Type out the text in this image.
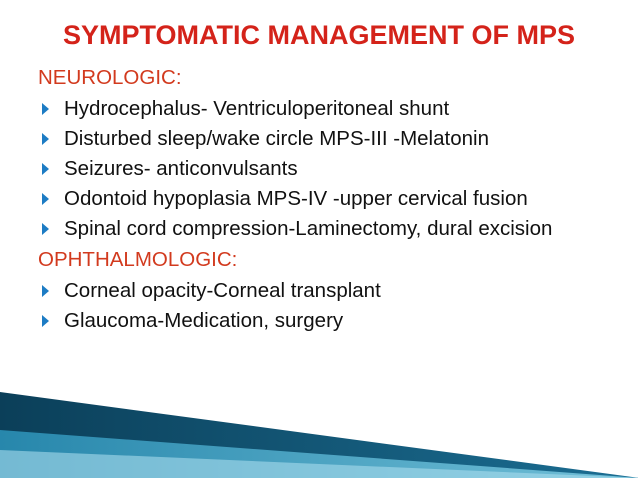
SYMPTOMATIC MANAGEMENT OF MPS
NEUROLOGIC:
Hydrocephalus- Ventriculoperitoneal shunt
Disturbed sleep/wake circle MPS-III -Melatonin
Seizures- anticonvulsants
Odontoid hypoplasia MPS-IV -upper cervical fusion
Spinal cord compression-Laminectomy, dural excision
OPHTHALMOLOGIC:
Corneal opacity-Corneal transplant
Glaucoma-Medication, surgery
